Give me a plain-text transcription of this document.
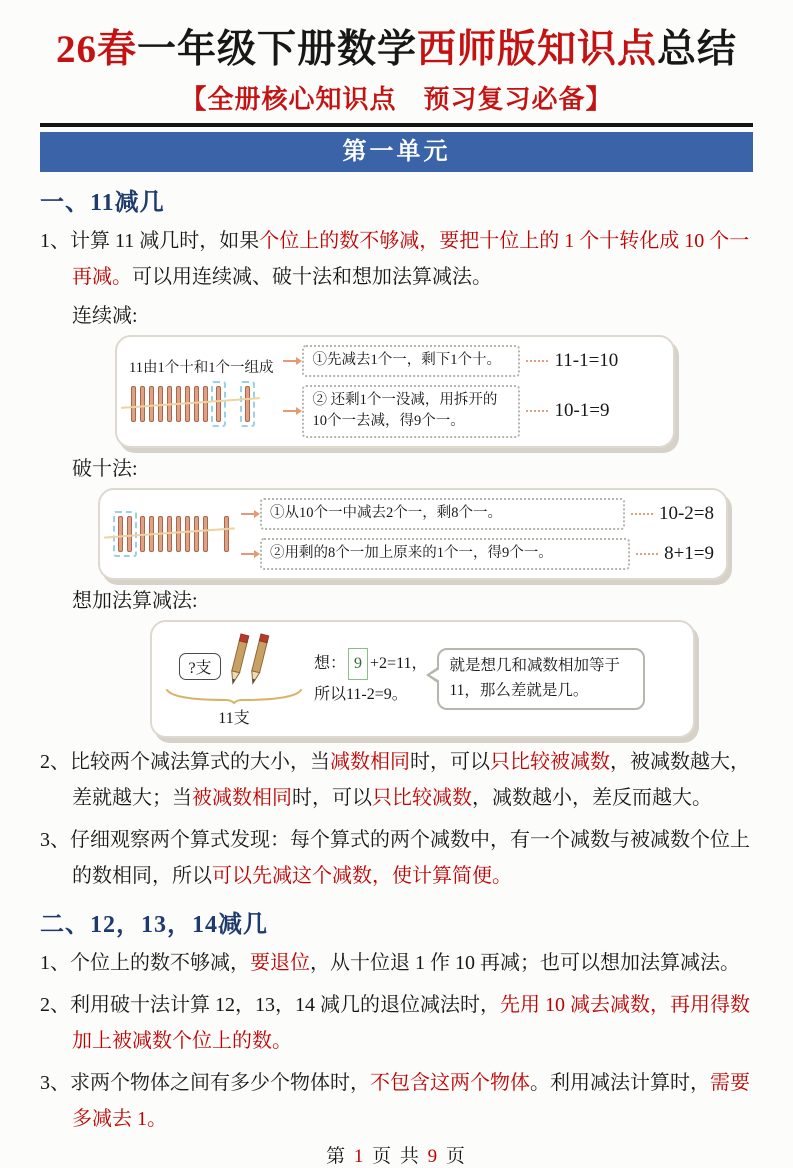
26春一年级下册数学西师版知识点总结
【全册核心知识点　预习复习必备】
第一单元
一、11减几

1、计算 11 减几时，如果个位上的数不够减，要把十位上的 1 个十转化成 10 个一再减。可以用连续减、破十法和想加法算减法。

连续减:
11由1个十和1个一组成
①先减去1个一，剩下1个十。	11-1=10
② 还剩1个一没减，用拆开的10个一去减，得9个一。	10-1=9
破十法:
①从10个一中减去2个一，剩8个一。	10-2=8
②用剩的8个一加上原来的1个一，得9个一。	8+1=9
想加法算减法:
?支
11支
想： 9 +2=11，
所以11-2=9。
就是想几和减数相加等于11，那么差就是几。

2、比较两个减法算式的大小，当减数相同时，可以只比较被减数，被减数越大，差就越大；当被减数相同时，可以只比较减数，减数越小，差反而越大。

3、仔细观察两个算式发现：每个算式的两个减数中，有一个减数与被减数个位上的数相同，所以可以先减这个减数，使计算简便。

二、12，13，14减几

1、个位上的数不够减，要退位，从十位退 1 作 10 再减；也可以想加法算减法。

2、利用破十法计算 12，13，14 减几的退位减法时，先用 10 减去减数，再用得数加上被减数个位上的数。

3、求两个物体之间有多少个物体时，不包含这两个物体。利用减法计算时，需要多减去 1。

第 1 页 共 9 页
